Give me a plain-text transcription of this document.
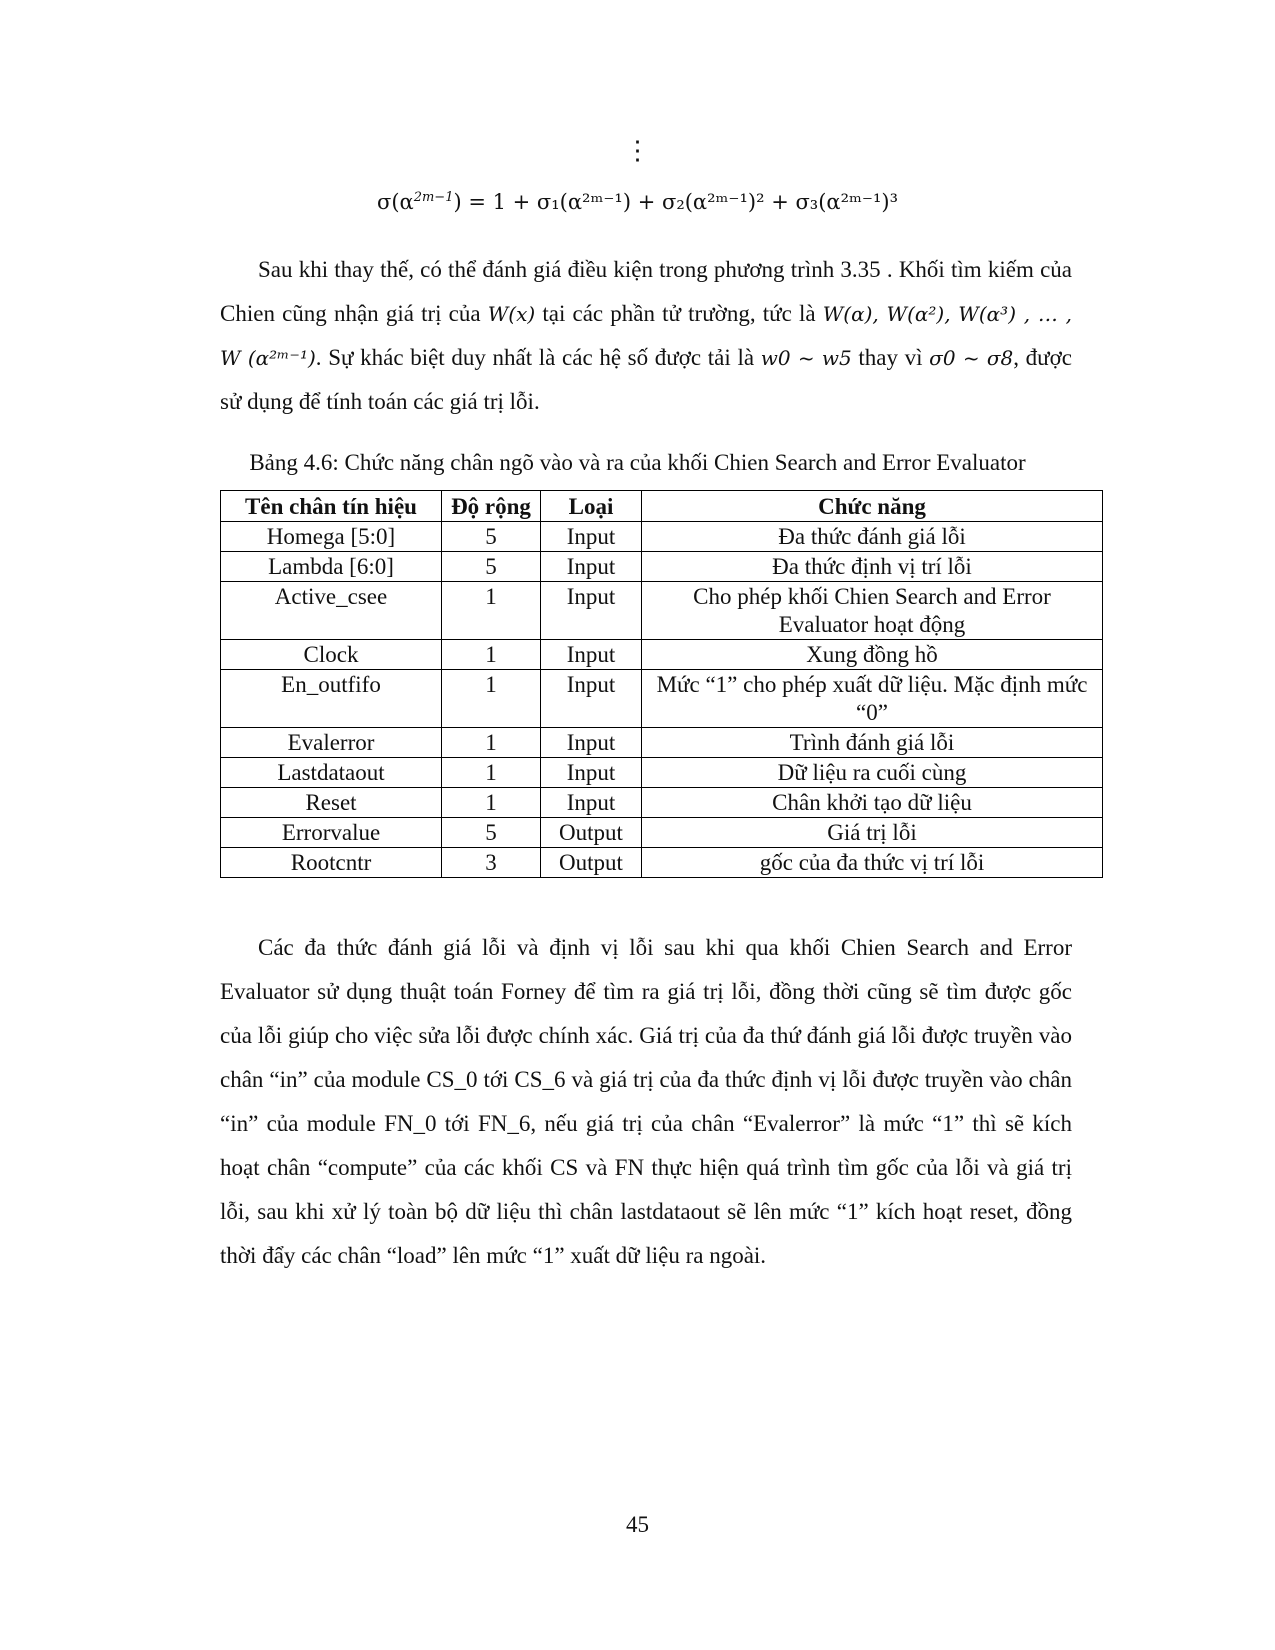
⋮
$\sigma(\alpha^{2m-1}) = 1$ + σ₁(α²ᵐ⁻¹) + σ₂(α²ᵐ⁻¹)² + σ₃(α²ᵐ⁻¹)³

Sau khi thay thế, có thể đánh giá điều kiện trong phương trình 3.35 . Khối tìm kiếm của Chien cũng nhận giá trị của W(x) tại các phần tử trường, tức là W(α), W(α²), W(α³) , … , W (α²ᵐ⁻¹). Sự khác biệt duy nhất là các hệ số được tải là w0 ~ w5 thay vì σ0 ~ σ8, được sử dụng để tính toán các giá trị lỗi.

Bảng 4.6: Chức năng chân ngõ vào và ra của khối Chien Search and Error Evaluator
Tên chân tín hiệu	Độ rộng	Loại	Chức năng
Homega [5:0]	5	Input	Đa thức đánh giá lỗi
Lambda [6:0]	5	Input	Đa thức định vị trí lỗi
Active_csee	1	Input	Cho phép khối Chien Search and Error Evaluator hoạt động
Clock	1	Input	Xung đồng hồ
En_outfifo	1	Input	Mức “1” cho phép xuất dữ liệu. Mặc định mức “0”
Evalerror	1	Input	Trình đánh giá lỗi
Lastdataout	1	Input	Dữ liệu ra cuối cùng
Reset	1	Input	Chân khởi tạo dữ liệu
Errorvalue	5	Output	Giá trị lỗi
Rootcntr	3	Output	gốc của đa thức vị trí lỗi

Các đa thức đánh giá lỗi và định vị lỗi sau khi qua khối Chien Search and Error Evaluator sử dụng thuật toán Forney để tìm ra giá trị lỗi, đồng thời cũng sẽ tìm được gốc của lỗi giúp cho việc sửa lỗi được chính xác. Giá trị của đa thứ đánh giá lỗi được truyền vào chân “in” của module CS_0 tới CS_6 và giá trị của đa thức định vị lỗi được truyền vào chân “in” của module FN_0 tới FN_6, nếu giá trị của chân “Evalerror” là mức “1” thì sẽ kích hoạt chân “compute” của các khối CS và FN thực hiện quá trình tìm gốc của lỗi và giá trị lỗi, sau khi xử lý toàn bộ dữ liệu thì chân lastdataout sẽ lên mức “1” kích hoạt reset, đồng thời đẩy các chân “load” lên mức “1” xuất dữ liệu ra ngoài.

45
